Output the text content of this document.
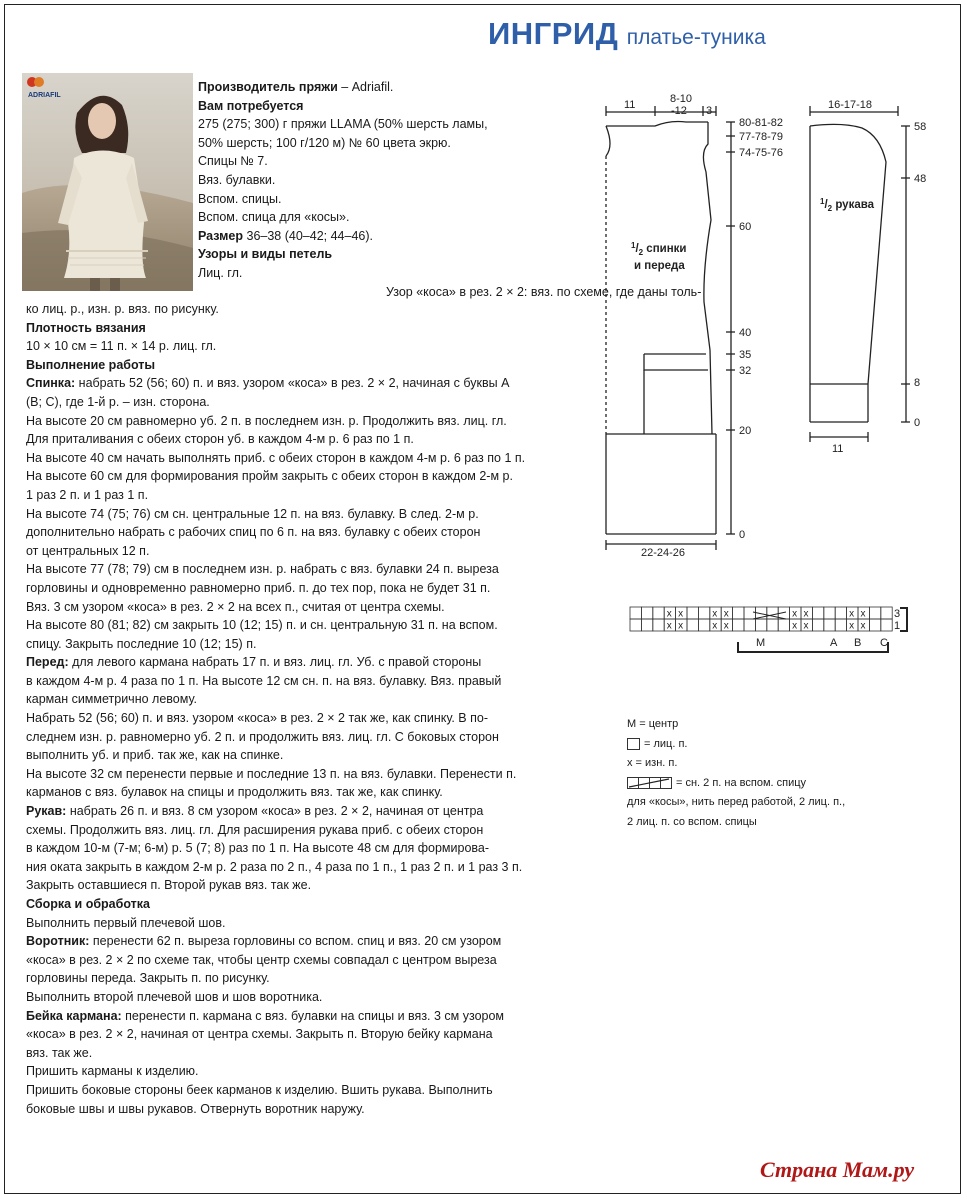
ИНГРИД платье-туника
ADRIAFIL
Производитель пряжи – Adriafil.
Вам потребуется
275 (275; 300) г пряжи LLAMA (50% шерсть ламы,
50% шерсть; 100 г/120 м) № 60 цвета экрю.
Спицы № 7.
Вяз. булавки.
Вспом. спицы.
Вспом. спица для «косы».
Размер 36–38 (40–42; 44–46).
Узоры и виды петель
Лиц. гл.
Узор «коса» в рез. 2 × 2: вяз. по схеме, где даны толь-
ко лиц. р., изн. р. вяз. по рисунку.
Плотность вязания
10 × 10 см = 11 п. × 14 р. лиц. гл.
Выполнение работы
Спинка: набрать 52 (56; 60) п. и вяз. узором «коса» в рез. 2 × 2, начиная с буквы A
(B; C), где 1-й р. – изн. сторона.
На высоте 20 см равномерно уб. 2 п. в последнем изн. р. Продолжить вяз. лиц. гл.
Для приталивания с обеих сторон уб. в каждом 4-м р. 6 раз по 1 п.
На высоте 40 см начать выполнять приб. с обеих сторон в каждом 4-м р. 6 раз по 1 п.
На высоте 60 см для формирования пройм закрыть с обеих сторон в каждом 2-м р.
1 раз 2 п. и 1 раз 1 п.
На высоте 74 (75; 76) см сн. центральные 12 п. на вяз. булавку. В след. 2-м р.
дополнительно набрать с рабочих спиц по 6 п. на вяз. булавку с обеих сторон
от центральных 12 п.
На высоте 77 (78; 79) см в последнем изн. р. набрать с вяз. булавки 24 п. выреза
горловины и одновременно равномерно приб. п. до тех пор, пока не будет 31 п.
Вяз. 3 см узором «коса» в рез. 2 × 2 на всех п., считая от центра схемы.
На высоте 80 (81; 82) см закрыть 10 (12; 15) п. и сн. центральную 31 п. на вспом.
спицу. Закрыть последние 10 (12; 15) п.
Перед: для левого кармана набрать 17 п. и вяз. лиц. гл. Уб. с правой стороны
в каждом 4-м р. 4 раза по 1 п. На высоте 12 см сн. п. на вяз. булавку. Вяз. правый
карман симметрично левому.
Набрать 52 (56; 60) п. и вяз. узором «коса» в рез. 2 × 2 так же, как спинку. В по-
следнем изн. р. равномерно уб. 2 п. и продолжить вяз. лиц. гл. С боковых сторон
выполнить уб. и приб. так же, как на спинке.
На высоте 32 см перенести первые и последние 13 п. на вяз. булавки. Перенести п.
карманов с вяз. булавок на спицы и продолжить вяз. так же, как спинку.
Рукав: набрать 26 п. и вяз. 8 см узором «коса» в рез. 2 × 2, начиная от центра
схемы. Продолжить вяз. лиц. гл. Для расширения рукава приб. с обеих сторон
в каждом 10-м (7-м; 6-м) р. 5 (7; 8) раз по 1 п. На высоте 48 см для формирова-
ния оката закрыть в каждом 2-м р. 2 раза по 2 п., 4 раза по 1 п., 1 раз 2 п. и 1 раз 3 п.
Закрыть оставшиеся п. Второй рукав вяз. так же.
Сборка и обработка
Выполнить первый плечевой шов.
Воротник: перенести 62 п. выреза горловины со вспом. спиц и вяз. 20 см узором
«коса» в рез. 2 × 2 по схеме так, чтобы центр схемы совпадал с центром выреза
горловины переда. Закрыть п. по рисунку.
Выполнить второй плечевой шов и шов воротника.
Бейка кармана: перенести п. кармана с вяз. булавки на спицы и вяз. 3 см узором
«коса» в рез. 2 × 2, начиная от центра схемы. Закрыть п. Вторую бейку кармана
вяз. так же.
Пришить карманы к изделию.
Пришить боковые стороны беек карманов к изделию. Вшить рукава. Выполнить
боковые швы и швы рукавов. Отвернуть воротник наружу.
11	8-10
-12 3
22-24-26
80-81-82
77-78-79
74-75-76
60
40
35
32
20
0
$^1/_2$ спинки
и переда
16-17-18
11
58
48
8
0
$^1/_2$ рукава
x
x
x
x
x
x
x
x
x
x
x
x
x
x
x
x
3
1
M	A B C
M = центр
= лиц. п.
x = изн. п.
= сн. 2 п. на вспом. спицу
для «косы», нить перед работой, 2 лиц. п.,
2 лиц. п. со вспом. спицы
Страна Мам.ру
